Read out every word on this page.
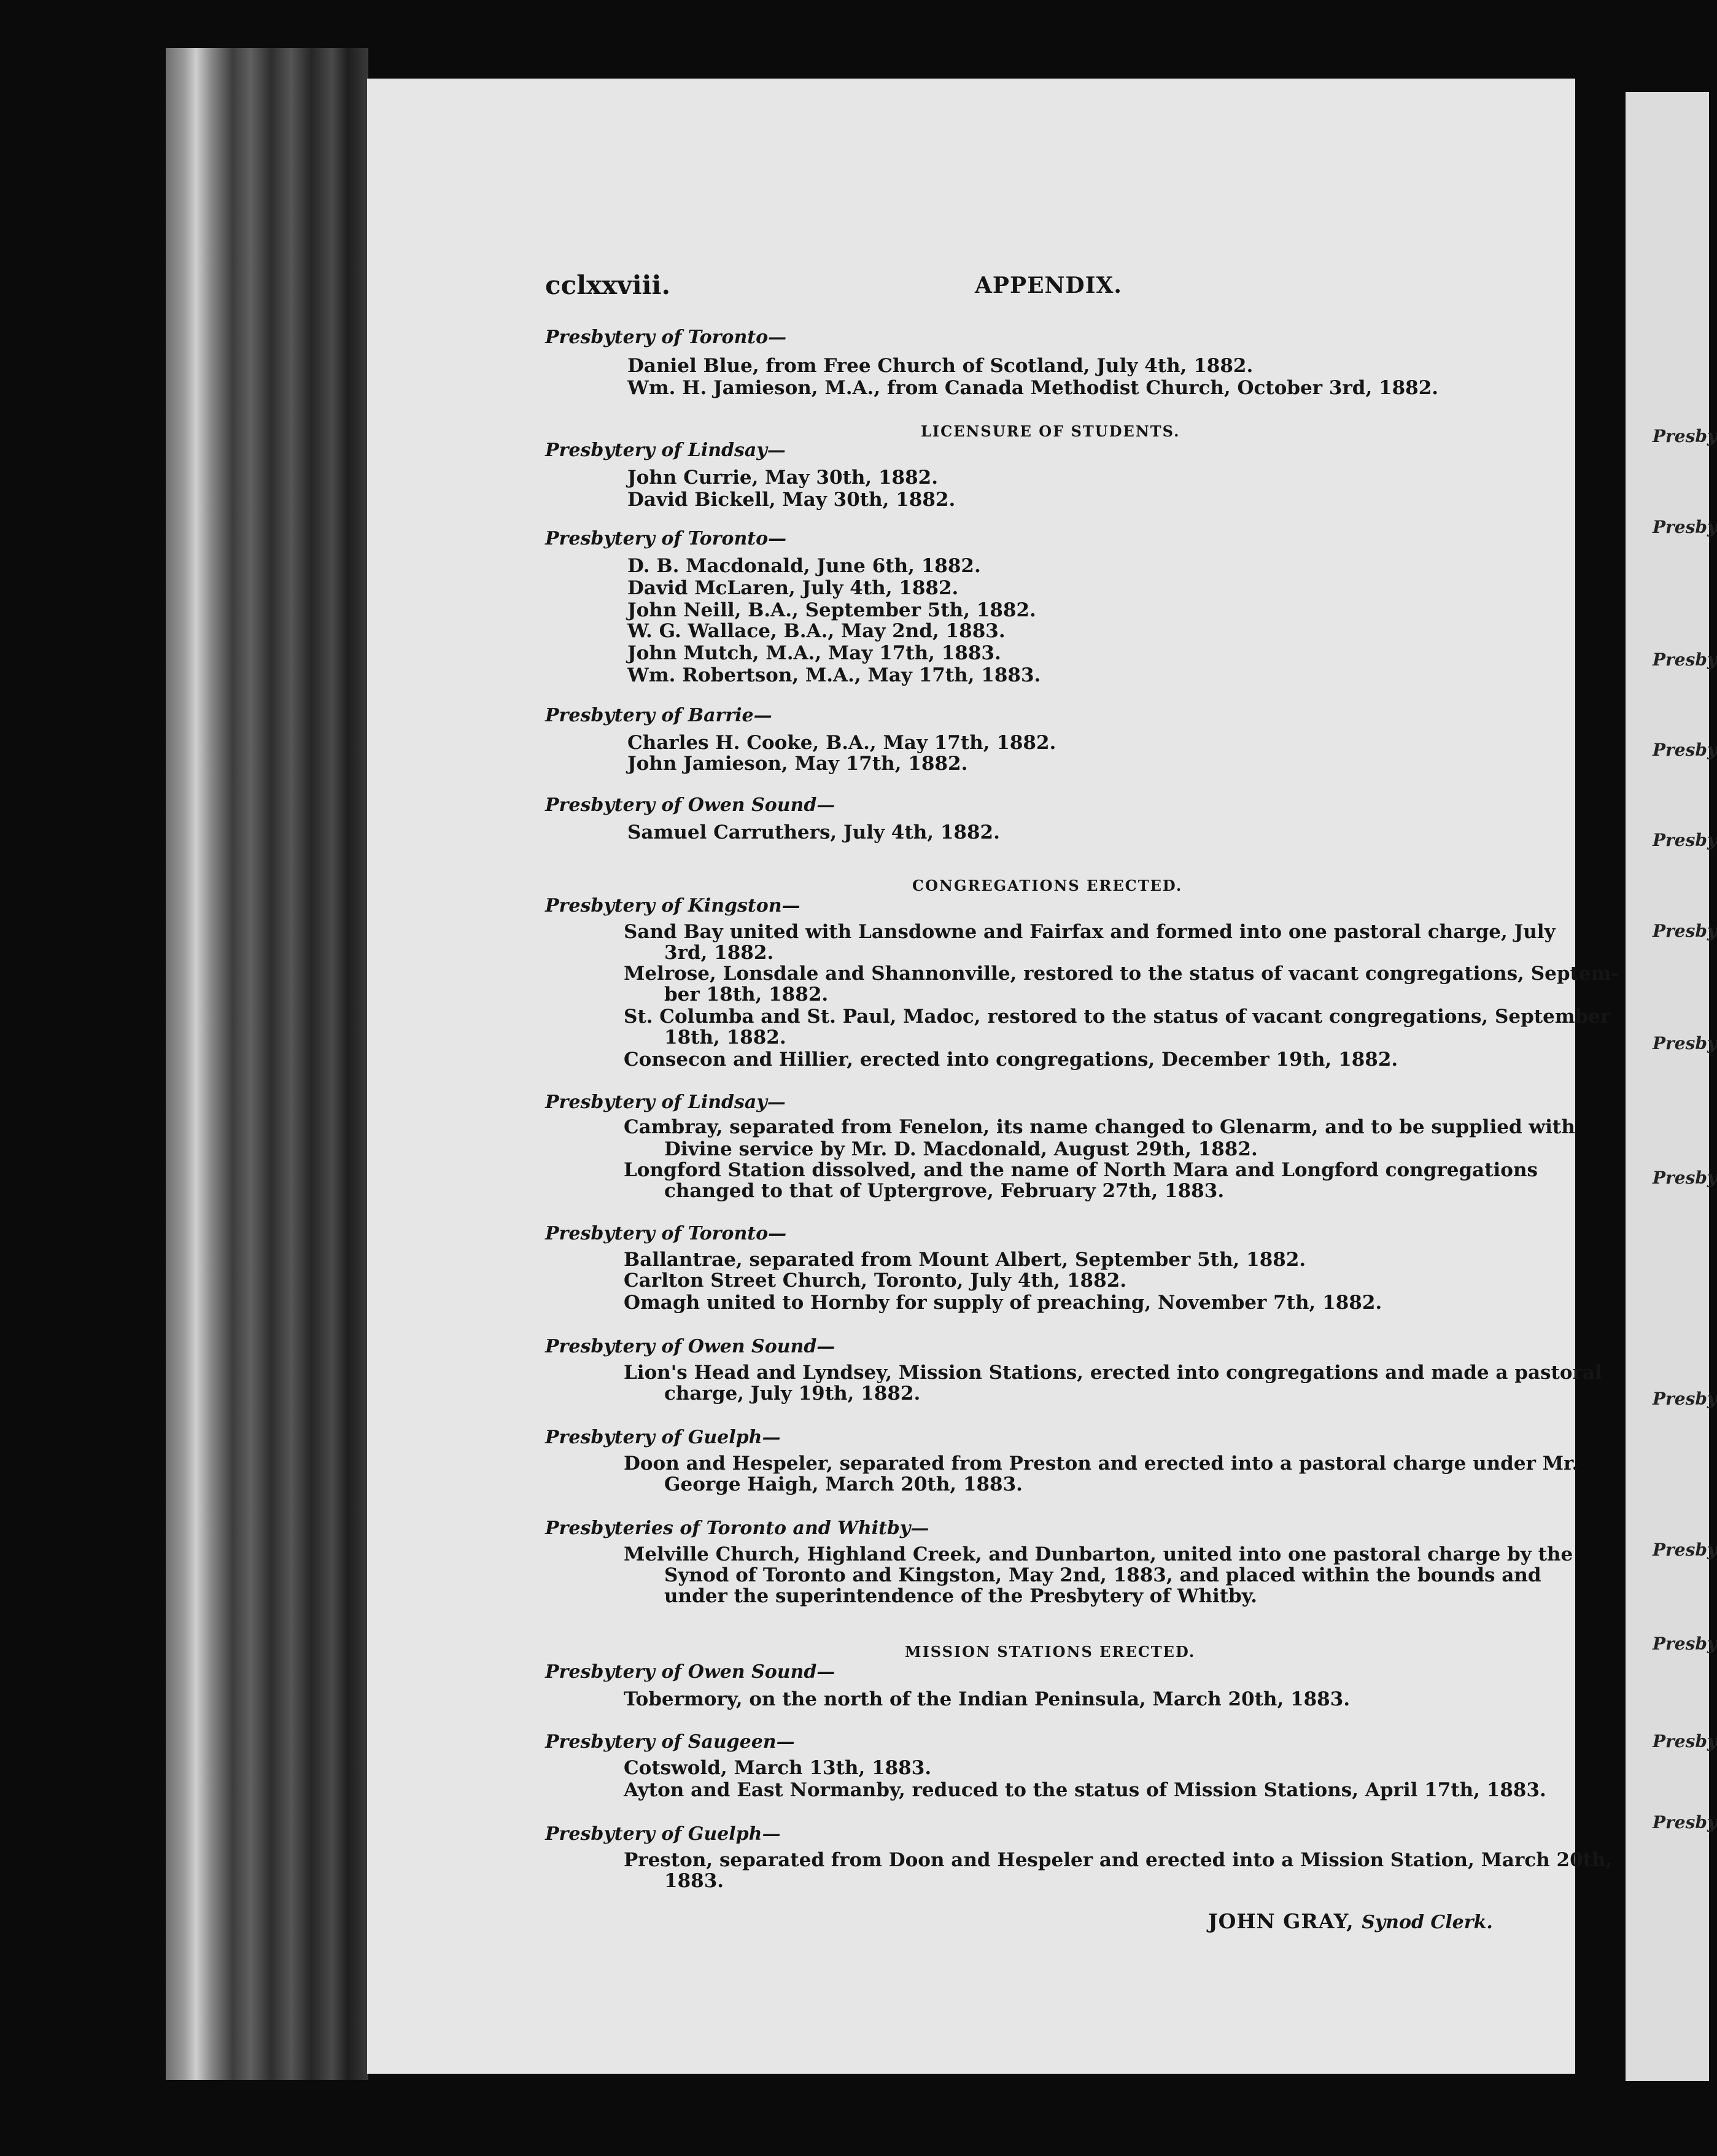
Presby
Presby
Presby
Presby
Presby
Presby
Presby
Presby
Presby
Presby
Presby
Presby
Presby
cclxxviii.	APPENDIX.
Presbytery of Toronto—
Daniel Blue, from Free Church of Scotland, July 4th, 1882.
Wm. H. Jamieson, M.A., from Canada Methodist Church, October 3rd, 1882.
LICENSURE OF STUDENTS.
Presbytery of Lindsay—
John Currie, May 30th, 1882.
David Bickell, May 30th, 1882.
Presbytery of Toronto—
D. B. Macdonald, June 6th, 1882.
David McLaren, July 4th, 1882.
John Neill, B.A., September 5th, 1882.
W. G. Wallace, B.A., May 2nd, 1883.
John Mutch, M.A., May 17th, 1883.
Wm. Robertson, M.A., May 17th, 1883.
Presbytery of Barrie—
Charles H. Cooke, B.A., May 17th, 1882.
John Jamieson, May 17th, 1882.
Presbytery of Owen Sound—
Samuel Carruthers, July 4th, 1882.
CONGREGATIONS ERECTED.
Presbytery of Kingston—
Sand Bay united with Lansdowne and Fairfax and formed into one pastoral charge, July
3rd, 1882.
Melrose, Lonsdale and Shannonville, restored to the status of vacant congregations, Septem-
ber 18th, 1882.
St. Columba and St. Paul, Madoc, restored to the status of vacant congregations, September
18th, 1882.
Consecon and Hillier, erected into congregations, December 19th, 1882.
Presbytery of Lindsay—
Cambray, separated from Fenelon, its name changed to Glenarm, and to be supplied with
Divine service by Mr. D. Macdonald, August 29th, 1882.
Longford Station dissolved, and the name of North Mara and Longford congregations
changed to that of Uptergrove, February 27th, 1883.
Presbytery of Toronto—
Ballantrae, separated from Mount Albert, September 5th, 1882.
Carlton Street Church, Toronto, July 4th, 1882.
Omagh united to Hornby for supply of preaching, November 7th, 1882.
Presbytery of Owen Sound—
Lion's Head and Lyndsey, Mission Stations, erected into congregations and made a pastoral
charge, July 19th, 1882.
Presbytery of Guelph—
Doon and Hespeler, separated from Preston and erected into a pastoral charge under Mr.
George Haigh, March 20th, 1883.
Presbyteries of Toronto and Whitby—
Melville Church, Highland Creek, and Dunbarton, united into one pastoral charge by the
Synod of Toronto and Kingston, May 2nd, 1883, and placed within the bounds and
under the superintendence of the Presbytery of Whitby.
MISSION STATIONS ERECTED.
Presbytery of Owen Sound—
Tobermory, on the north of the Indian Peninsula, March 20th, 1883.
Presbytery of Saugeen—
Cotswold, March 13th, 1883.
Ayton and East Normanby, reduced to the status of Mission Stations, April 17th, 1883.
Presbytery of Guelph—
Preston, separated from Doon and Hespeler and erected into a Mission Station, March 20th,
1883.
JOHN GRAY, Synod Clerk.
